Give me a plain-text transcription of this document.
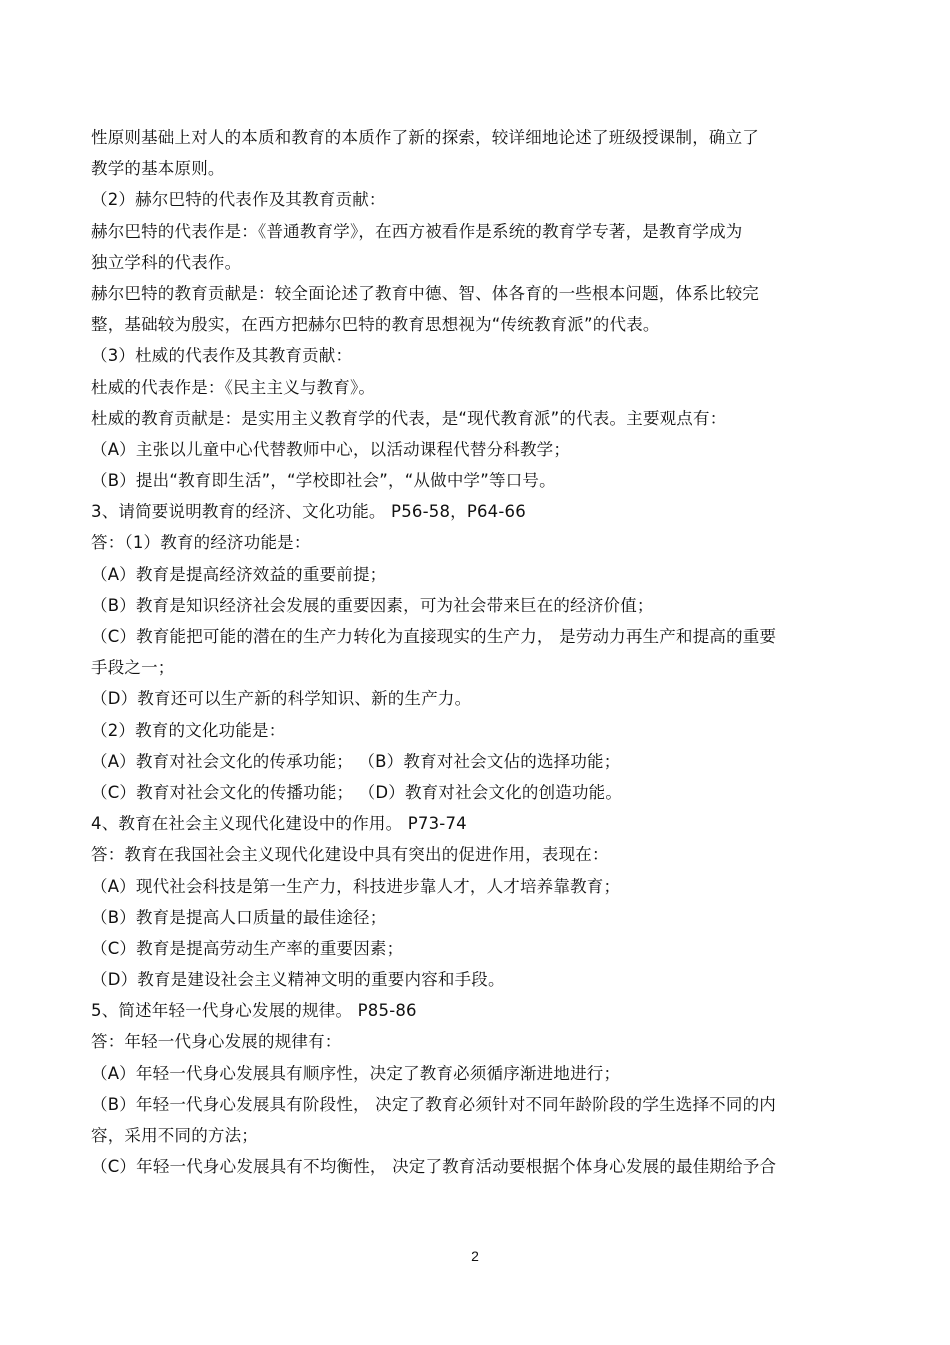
性原则基础上对人的本质和教育的本质作了新的探索，较详细地论述了班级授课制，确立了
教学的基本原则。
（2）赫尔巴特的代表作及其教育贡献：
赫尔巴特的代表作是：《普通教育学》，在西方被看作是系统的教育学专著，是教育学成为
独立学科的代表作。
赫尔巴特的教育贡献是：较全面论述了教育中德、智、体各育的一些根本问题，体系比较完
整，基础较为殷实，在西方把赫尔巴特的教育思想视为“传统教育派”的代表。
（3）杜威的代表作及其教育贡献：
杜威的代表作是：《民主主义与教育》。
杜威的教育贡献是：是实用主义教育学的代表，是“现代教育派”的代表。主要观点有：
（A）主张以儿童中心代替教师中心，以活动课程代替分科教学；
（B）提出“教育即生活”，“学校即社会”，“从做中学”等口号。
3、请简要说明教育的经济、文化功能。 P56-58，P64-66
答：（1）教育的经济功能是：
（A）教育是提高经济效益的重要前提；
（B）教育是知识经济社会发展的重要因素，可为社会带来巨在的经济价值；
（C）教育能把可能的潜在的生产力转化为直接现实的生产力， 是劳动力再生产和提高的重要
手段之一；
（D）教育还可以生产新的科学知识、新的生产力。
（2）教育的文化功能是：
（A）教育对社会文化的传承功能； （B）教育对社会文佔的选择功能；
（C）教育对社会文化的传播功能； （D）教育对社会文化的创造功能。
4、教育在社会主义现代化建设中的作用。 P73-74
答：教育在我国社会主义现代化建设中具有突出的促进作用，表现在：
（A）现代社会科技是第一生产力，科技进步靠人才，人才培养靠教育；
（B）教育是提高人口质量的最佳途径；
（C）教育是提高劳动生产率的重要因素；
（D）教育是建设社会主义精神文明的重要内容和手段。
5、简述年轻一代身心发展的规律。 P85-86
答：年轻一代身心发展的规律有：
（A）年轻一代身心发展具有顺序性，决定了教育必须循序渐进地进行；
（B）年轻一代身心发展具有阶段性， 决定了教育必须针对不同年龄阶段的学生选择不同的内
容，采用不同的方法；
（C）年轻一代身心发展具有不均衡性， 决定了教育活动要根据个体身心发展的最佳期给予合
2
